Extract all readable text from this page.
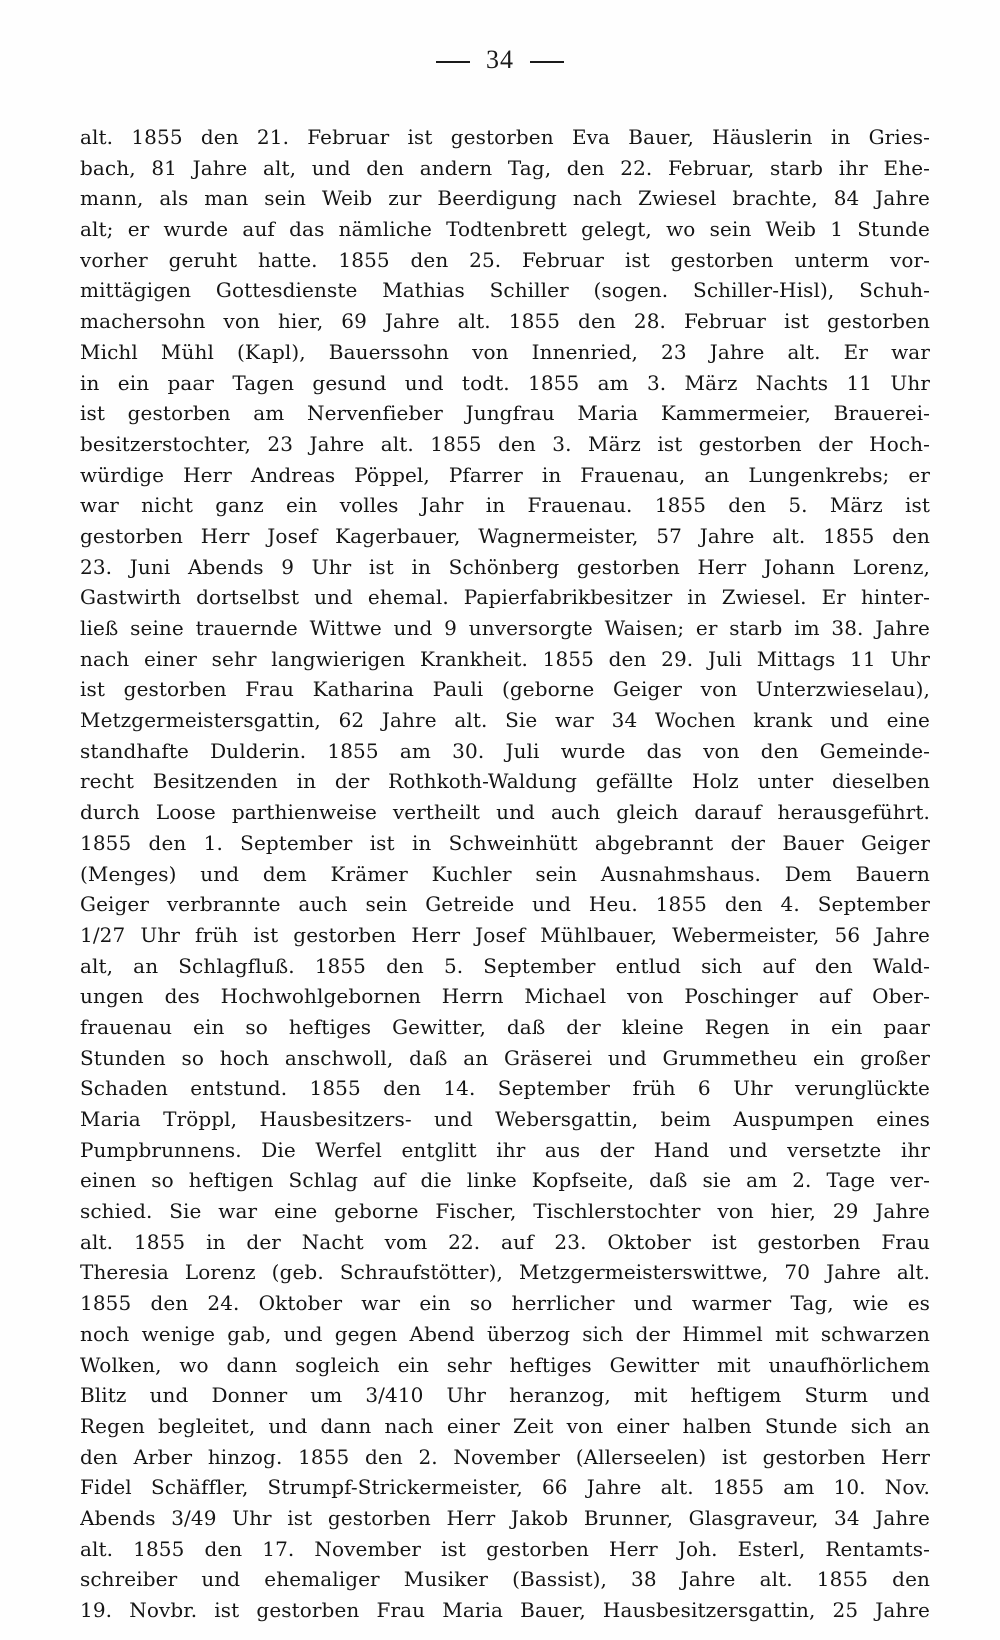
34
alt. 1855 den 21. Februar ist gestorben Eva Bauer, Häuslerin in Gries-
bach, 81 Jahre alt, und den andern Tag, den 22. Februar, starb ihr Ehe-
mann, als man sein Weib zur Beerdigung nach Zwiesel brachte, 84 Jahre
alt; er wurde auf das nämliche Todtenbrett gelegt, wo sein Weib 1 Stunde
vorher geruht hatte. 1855 den 25. Februar ist gestorben unterm vor-
mittägigen Gottesdienste Mathias Schiller (sogen. Schiller-Hisl), Schuh-
machersohn von hier, 69 Jahre alt. 1855 den 28. Februar ist gestorben
Michl Mühl (Kapl), Bauerssohn von Innenried, 23 Jahre alt. Er war
in ein paar Tagen gesund und todt. 1855 am 3. März Nachts 11 Uhr
ist gestorben am Nervenfieber Jungfrau Maria Kammermeier, Brauerei-
besitzerstochter, 23 Jahre alt. 1855 den 3. März ist gestorben der Hoch-
würdige Herr Andreas Pöppel, Pfarrer in Frauenau, an Lungenkrebs; er
war nicht ganz ein volles Jahr in Frauenau. 1855 den 5. März ist
gestorben Herr Josef Kagerbauer, Wagnermeister, 57 Jahre alt. 1855 den
23. Juni Abends 9 Uhr ist in Schönberg gestorben Herr Johann Lorenz,
Gastwirth dortselbst und ehemal. Papierfabrikbesitzer in Zwiesel. Er hinter-
ließ seine trauernde Wittwe und 9 unversorgte Waisen; er starb im 38. Jahre
nach einer sehr langwierigen Krankheit. 1855 den 29. Juli Mittags 11 Uhr
ist gestorben Frau Katharina Pauli (geborne Geiger von Unterzwieselau),
Metzgermeistersgattin, 62 Jahre alt. Sie war 34 Wochen krank und eine
standhafte Dulderin. 1855 am 30. Juli wurde das von den Gemeinde-
recht Besitzenden in der Rothkoth-Waldung gefällte Holz unter dieselben
durch Loose parthienweise vertheilt und auch gleich darauf herausgeführt.
1855 den 1. September ist in Schweinhütt abgebrannt der Bauer Geiger
(Menges) und dem Krämer Kuchler sein Ausnahmshaus. Dem Bauern
Geiger verbrannte auch sein Getreide und Heu. 1855 den 4. September
1/27 Uhr früh ist gestorben Herr Josef Mühlbauer, Webermeister, 56 Jahre
alt, an Schlagfluß. 1855 den 5. September entlud sich auf den Wald-
ungen des Hochwohlgebornen Herrn Michael von Poschinger auf Ober-
frauenau ein so heftiges Gewitter, daß der kleine Regen in ein paar
Stunden so hoch anschwoll, daß an Gräserei und Grummetheu ein großer
Schaden entstund. 1855 den 14. September früh 6 Uhr verunglückte
Maria Tröppl, Hausbesitzers- und Webersgattin, beim Auspumpen eines
Pumpbrunnens. Die Werfel entglitt ihr aus der Hand und versetzte ihr
einen so heftigen Schlag auf die linke Kopfseite, daß sie am 2. Tage ver-
schied. Sie war eine geborne Fischer, Tischlerstochter von hier, 29 Jahre
alt. 1855 in der Nacht vom 22. auf 23. Oktober ist gestorben Frau
Theresia Lorenz (geb. Schraufstötter), Metzgermeisterswittwe, 70 Jahre alt.
1855 den 24. Oktober war ein so herrlicher und warmer Tag, wie es
noch wenige gab, und gegen Abend überzog sich der Himmel mit schwarzen
Wolken, wo dann sogleich ein sehr heftiges Gewitter mit unaufhörlichem
Blitz und Donner um 3/410 Uhr heranzog, mit heftigem Sturm und
Regen begleitet, und dann nach einer Zeit von einer halben Stunde sich an
den Arber hinzog. 1855 den 2. November (Allerseelen) ist gestorben Herr
Fidel Schäffler, Strumpf-Strickermeister, 66 Jahre alt. 1855 am 10. Nov.
Abends 3/49 Uhr ist gestorben Herr Jakob Brunner, Glasgraveur, 34 Jahre
alt. 1855 den 17. November ist gestorben Herr Joh. Esterl, Rentamts-
schreiber und ehemaliger Musiker (Bassist), 38 Jahre alt. 1855 den
19. Novbr. ist gestorben Frau Maria Bauer, Hausbesitzersgattin, 25 Jahre
